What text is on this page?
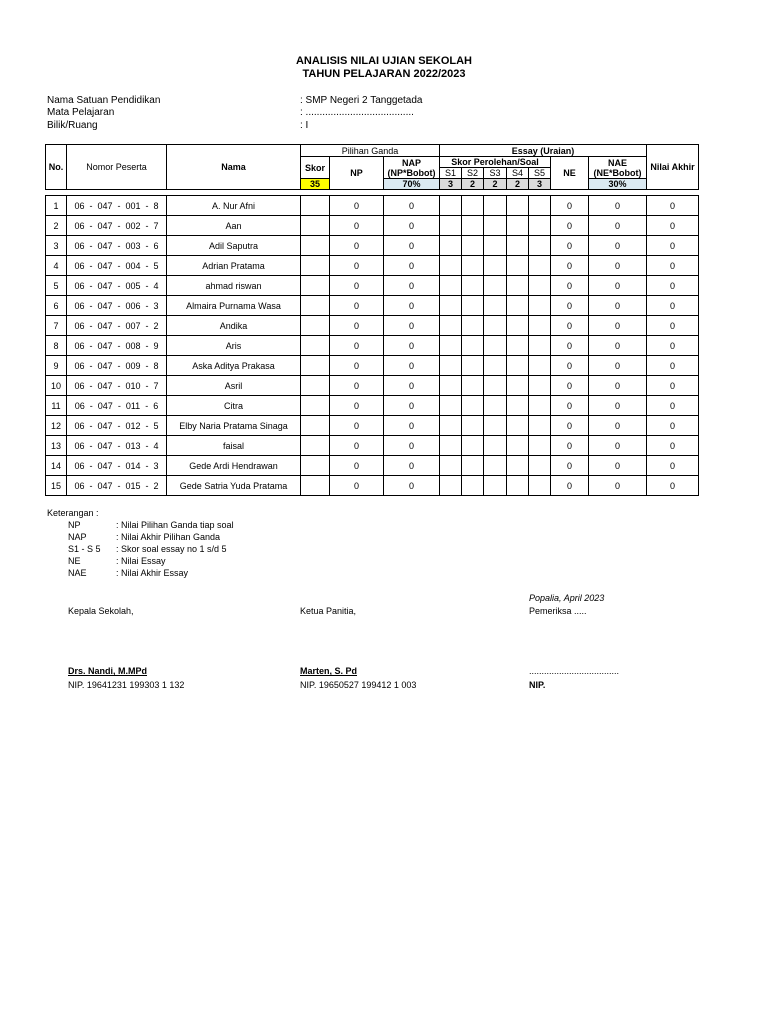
ANALISIS NILAI UJIAN SEKOLAH
TAHUN PELAJARAN 2022/2023
Nama Satuan Pendidikan	: SMP Negeri 2 Tanggetada
Mata Pelajaran	: .......................................
Bilik/Ruang	: I
No.	Nomor Peserta	Nama	Pilihan Ganda			Essay (Uraian)							Nilai Akhir
			Skor	NP	NAP
(NP*Bobot)	Skor Perolehan/Soal					NE	NAE
(NE*Bobot)	
						S1	S2	S3	S4	S5			
			35		70%	3	2	2	2	3		30%	

1	06 - 047 - 001 - 8	A. Nur Afni		0	0						0	0	0
2	06 - 047 - 002 - 7	Aan		0	0						0	0	0
3	06 - 047 - 003 - 6	Adil Saputra		0	0						0	0	0
4	06 - 047 - 004 - 5	Adrian Pratama		0	0						0	0	0
5	06 - 047 - 005 - 4	ahmad riswan		0	0						0	0	0
6	06 - 047 - 006 - 3	Almaira Purnama Wasa		0	0						0	0	0
7	06 - 047 - 007 - 2	Andika		0	0						0	0	0
8	06 - 047 - 008 - 9	Aris		0	0						0	0	0
9	06 - 047 - 009 - 8	Aska Aditya Prakasa		0	0						0	0	0
10	06 - 047 - 010 - 7	Asril		0	0						0	0	0
11	06 - 047 - 011 - 6	Citra		0	0						0	0	0
12	06 - 047 - 012 - 5	Elby Naria Pratama Sinaga		0	0						0	0	0
13	06 - 047 - 013 - 4	faisal		0	0						0	0	0
14	06 - 047 - 014 - 3	Gede Ardi Hendrawan		0	0						0	0	0
15	06 - 047 - 015 - 2	Gede Satria Yuda Pratama		0	0						0	0	0
Keterangan :
NP	: Nilai Pilihan Ganda tiap soal
NAP	: Nilai Akhir Pilihan Ganda
S1 - S 5 : Skor soal essay no 1 s/d 5
NE	: Nilai Essay
NAE	: Nilai Akhir Essay
Popalia, April 2023
Kepala Sekolah,	Ketua Panitia,	Pemeriksa .....
Drs. Nandi, M.MPd	Marten, S. Pd	....................................
NIP. 19641231 199303 1 132	NIP. 19650527 199412 1 003	NIP.
